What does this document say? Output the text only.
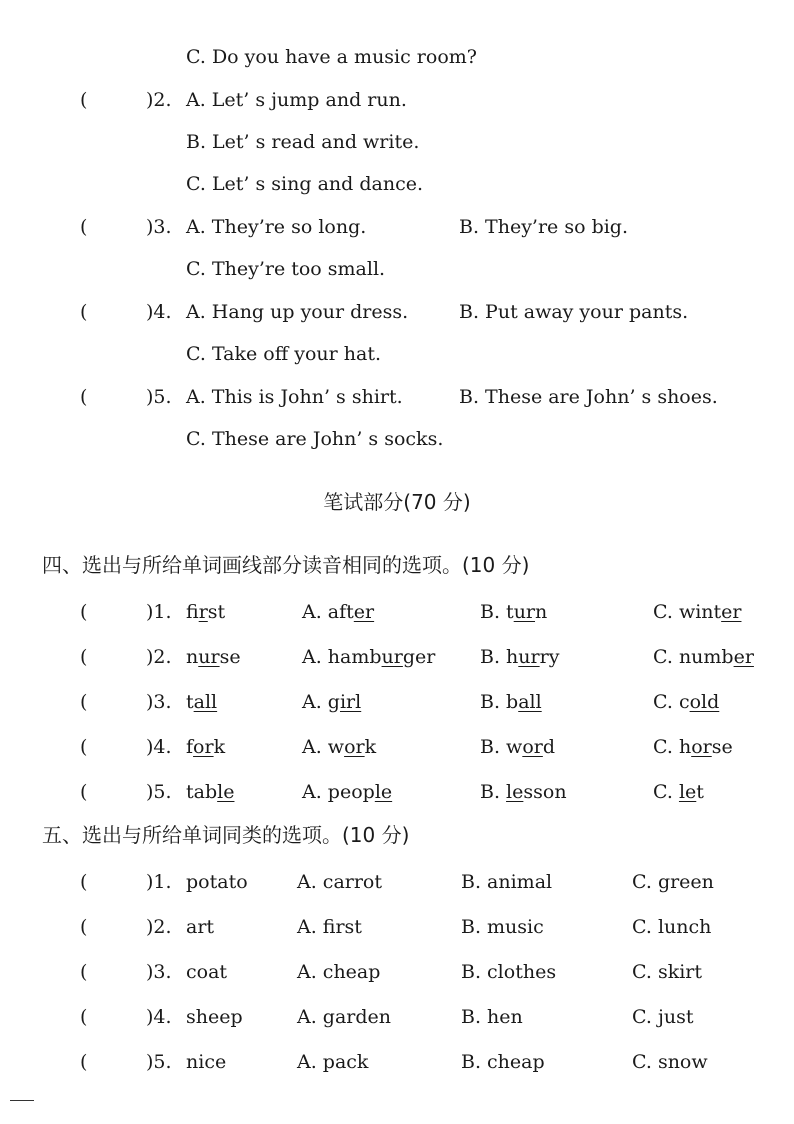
C. Do you have a music room?
(	)2. A. Let’ s jump and run.
B. Let’ s read and write.
C. Let’ s sing and dance.
(	)3. A. They’re so long.	B. They’re so big.
C. They’re too small.
(	)4. A. Hang up your dress.	B. Put away your pants.
C. Take off your hat.
(	)5. A. This is John’ s shirt.	B. These are John’ s shoes.
C. These are John’ s socks.
笔试部分(70 分)
四、选出与所给单词画线部分读音相同的选项。(10 分)
(	)1. first	A. after	B. turn	C. winter
(	)2. nurse	A. hamburger B. hurry	C. number
(	)3. tall	A. girl	B. ball	C. cold
(	)4. fork	A. work	B. word	C. horse
(	)5. table	A. people	B. lesson	C. let
五、选出与所给单词同类的选项。(10 分)
(	)1. potato	A. carrot	B. animal	C. green
(	)2. art	A. first	B. music	C. lunch
(	)3. coat	A. cheap	B. clothes	C. skirt
(	)4. sheep	A. garden	B. hen	C. just
(	)5. nice	A. pack	B. cheap	C. snow
